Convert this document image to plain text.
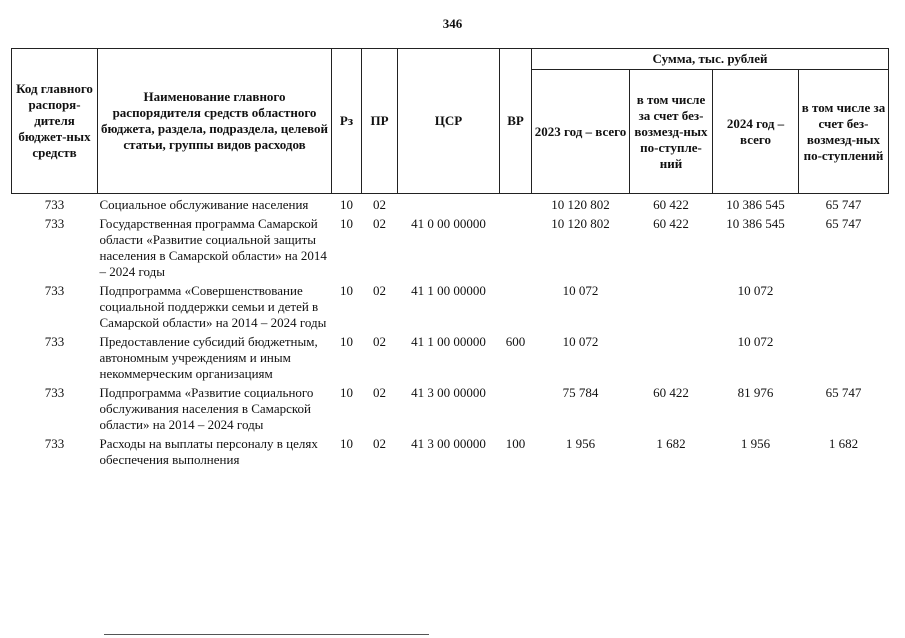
346
Код главного распоря-дителя бюджет-ных средств	Наименование главного распорядителя средств областного бюджета, раздела, подраздела, целевой статьи, группы видов расходов	Рз	ПР	ЦСР	ВР	Сумма, тыс. рублей			
						2023 год – всего	в том числе за счет без-возмезд-ных по-ступле-ний	2024 год – всего	в том числе за счет без-возмезд-ных по-ступлений
733	Социальное обслуживание населения	10	02			10 120 802	60 422	10 386 545	65 747
733	Государственная программа Самарской области «Развитие социальной защиты населения в Самарской области» на 2014 – 2024 годы	10	02	41 0 00 00000		10 120 802	60 422	10 386 545	65 747
733	Подпрограмма «Совершенствование социальной поддержки семьи и детей в Самарской области» на 2014 – 2024 годы	10	02	41 1 00 00000		10 072		10 072	
733	Предоставление субсидий бюджетным, автономным учреждениям и иным некоммерческим организациям	10	02	41 1 00 00000	600	10 072		10 072	
733	Подпрограмма «Развитие социального обслуживания населения в Самарской области» на 2014 – 2024 годы	10	02	41 3 00 00000		75 784	60 422	81 976	65 747
733	Расходы на выплаты персоналу в целях обеспечения выполнения	10	02	41 3 00 00000	100	1 956	1 682	1 956	1 682
